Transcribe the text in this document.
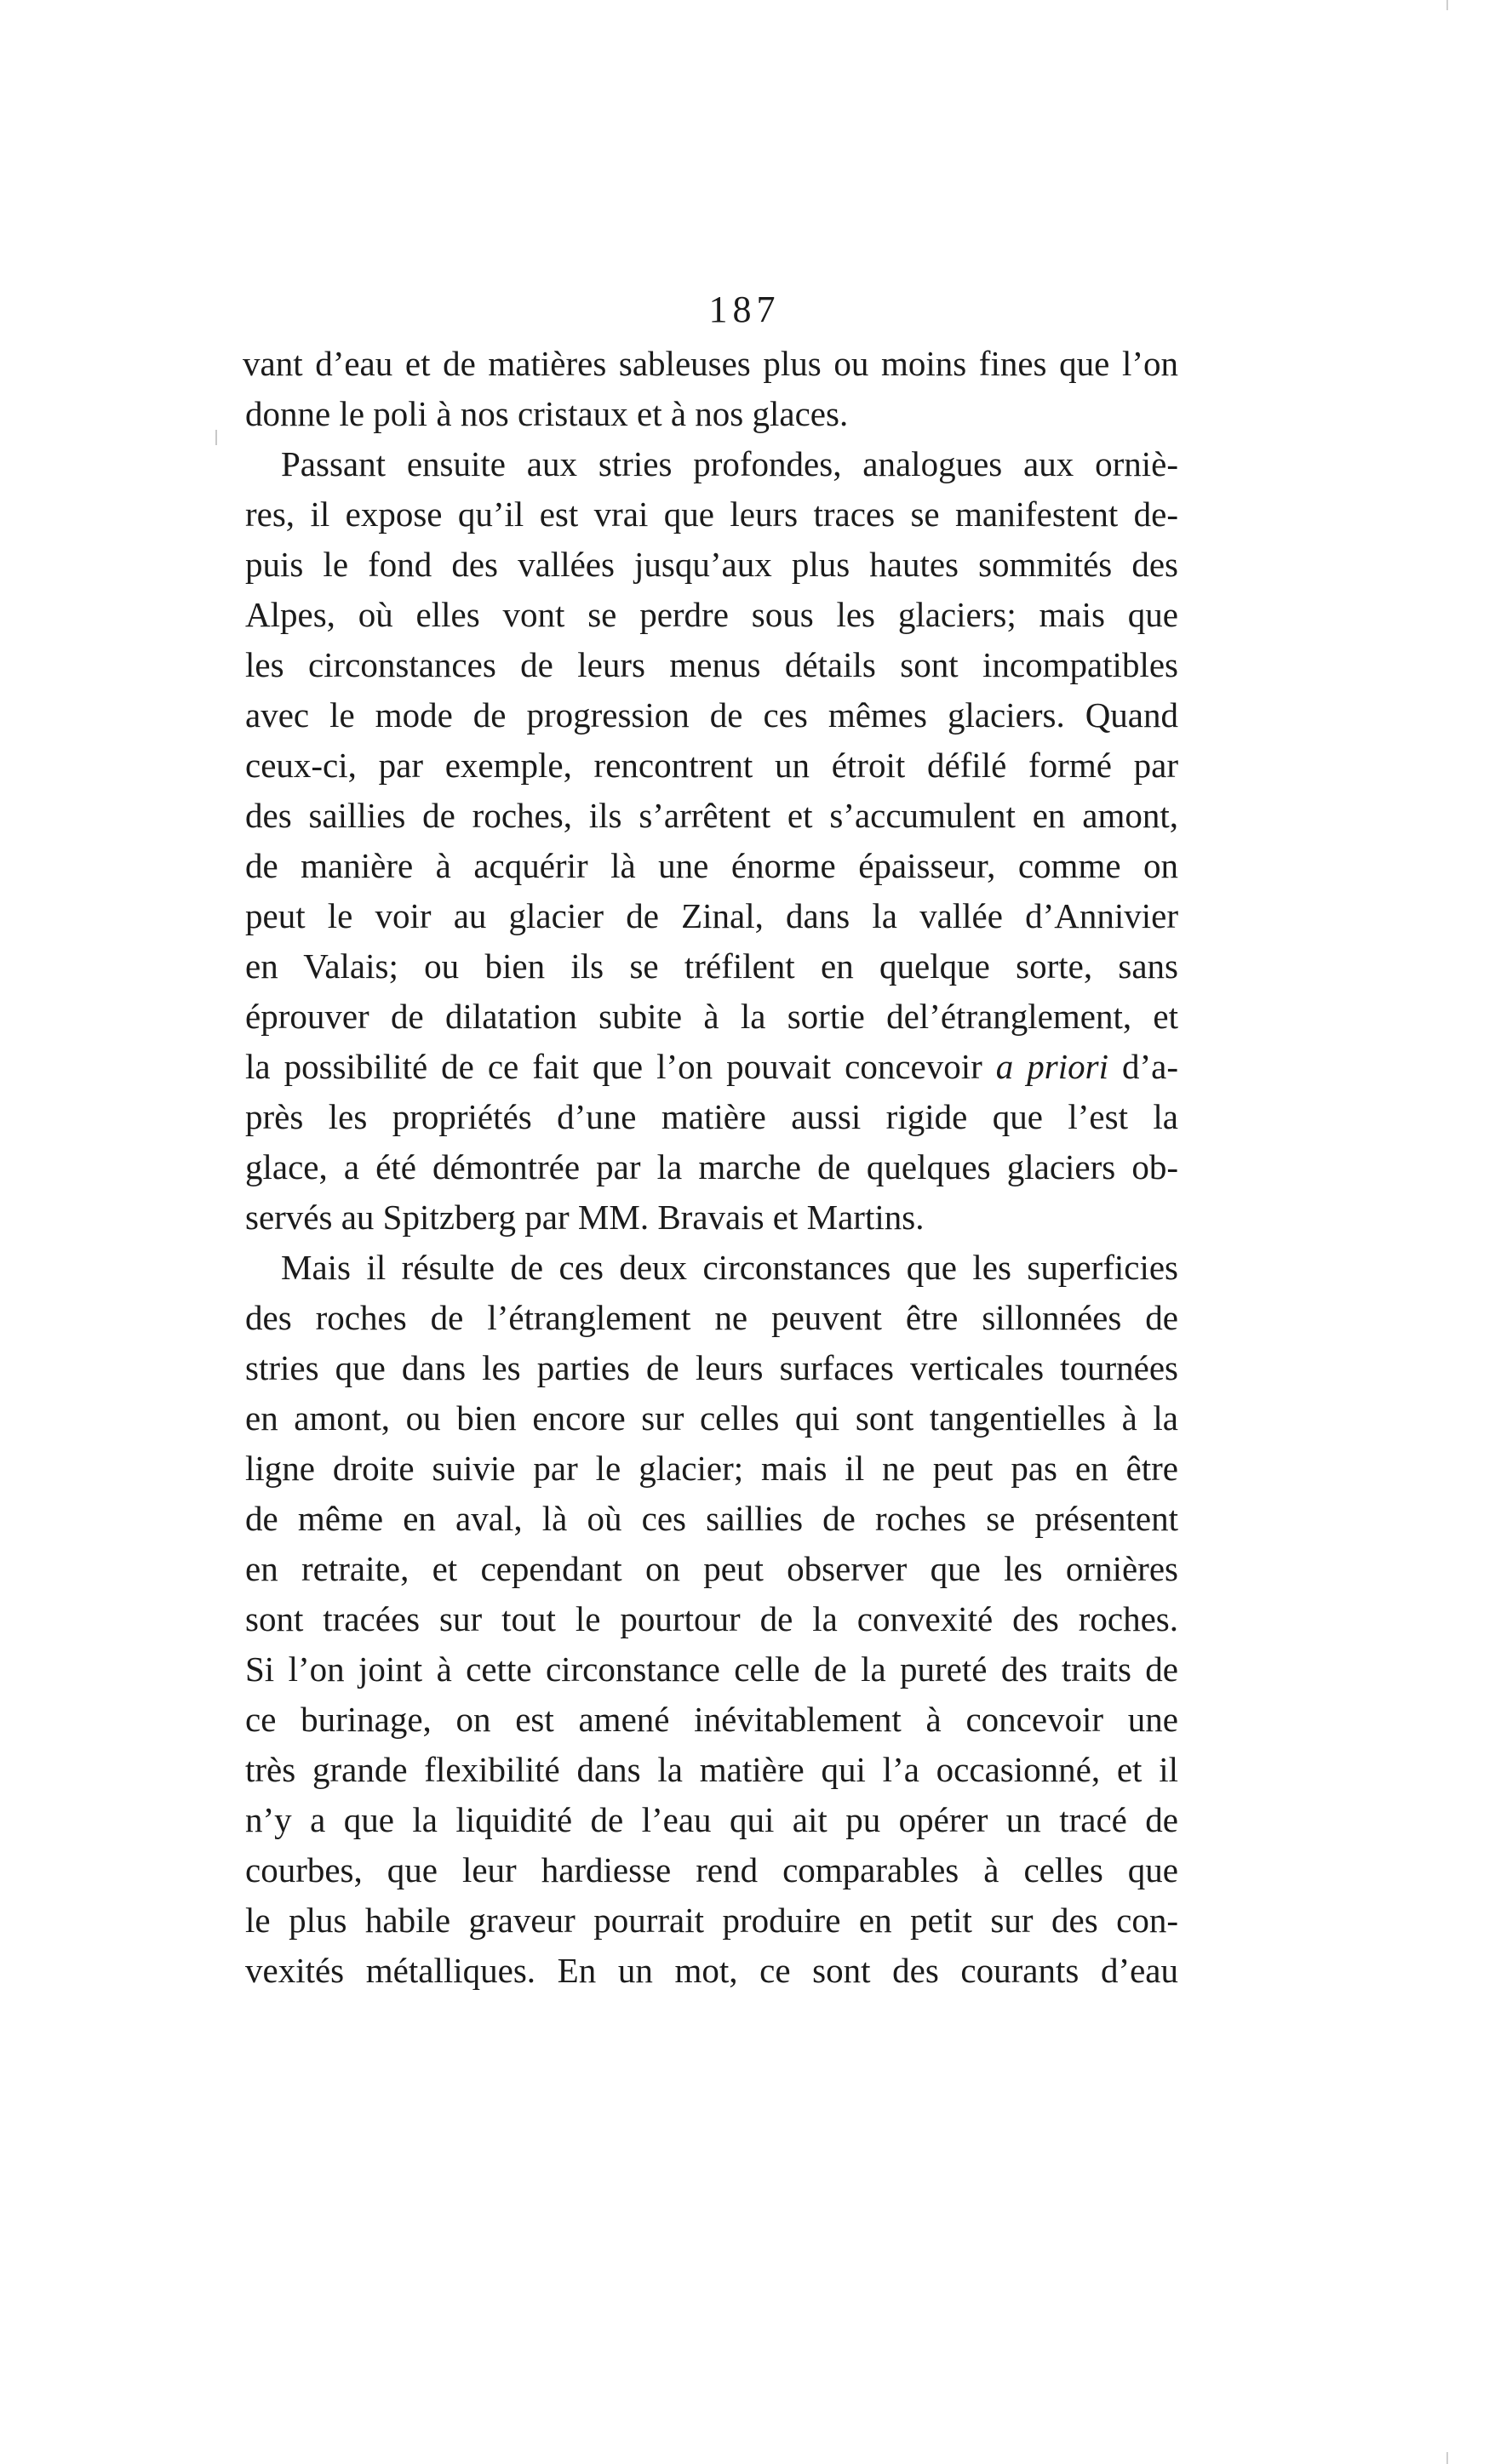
187
vant d’eau et de matières sableuses plus ou moins fines que l’on
donne le poli à nos cristaux et à nos glaces.
Passant ensuite aux stries profondes, analogues aux orniè-
res, il expose qu’il est vrai que leurs traces se manifestent de-
puis le fond des vallées jusqu’aux plus hautes sommités des
Alpes, où elles vont se perdre sous les glaciers; mais que
les circonstances de leurs menus détails sont incompatibles
avec le mode de progression de ces mêmes glaciers. Quand
ceux-ci, par exemple, rencontrent un étroit défilé formé par
des saillies de roches, ils s’arrêtent et s’accumulent en amont,
de manière à acquérir là une énorme épaisseur, comme on
peut le voir au glacier de Zinal, dans la vallée d’Annivier
en Valais; ou bien ils se tréfilent en quelque sorte, sans
éprouver de dilatation subite à la sortie del’étranglement, et
la possibilité de ce fait que l’on pouvait concevoir a priori d’a-
près les propriétés d’une matière aussi rigide que l’est la
glace, a été démontrée par la marche de quelques glaciers ob-
servés au Spitzberg par MM. Bravais et Martins.
Mais il résulte de ces deux circonstances que les superficies
des roches de l’étranglement ne peuvent être sillonnées de
stries que dans les parties de leurs surfaces verticales tournées
en amont, ou bien encore sur celles qui sont tangentielles à la
ligne droite suivie par le glacier; mais il ne peut pas en être
de même en aval, là où ces saillies de roches se présentent
en retraite, et cependant on peut observer que les ornières
sont tracées sur tout le pourtour de la convexité des roches.
Si l’on joint à cette circonstance celle de la pureté des traits de
ce burinage, on est amené inévitablement à concevoir une
très grande flexibilité dans la matière qui l’a occasionné, et il
n’y a que la liquidité de l’eau qui ait pu opérer un tracé de
courbes, que leur hardiesse rend comparables à celles que
le plus habile graveur pourrait produire en petit sur des con-
vexités métalliques. En un mot, ce sont des courants d’eau
